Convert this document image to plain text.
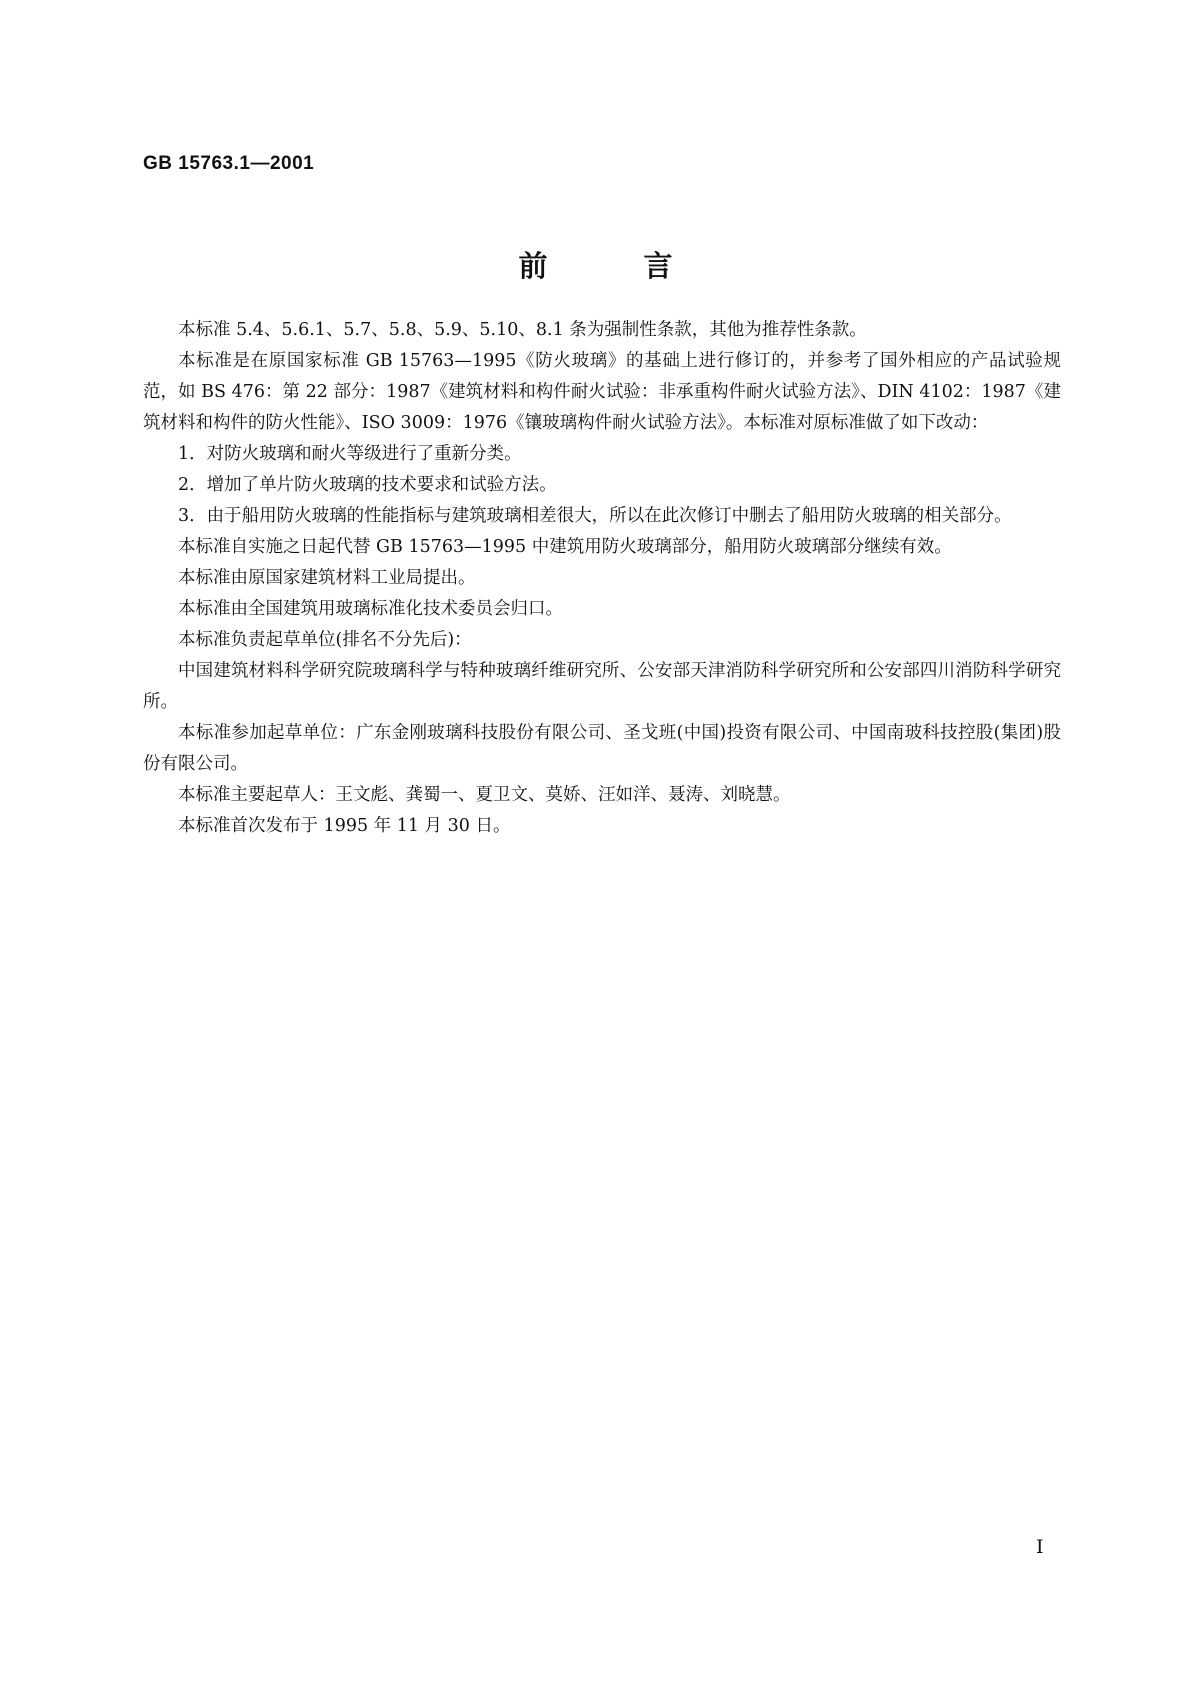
GB 15763.1—2001
前言

本标准 5.4、5.6.1、5.7、5.8、5.9、5.10、8.1 条为强制性条款，其他为推荐性条款。

本标准是在原国家标准 GB 15763—1995《防火玻璃》的基础上进行修订的，并参考了国外相应的产品试验规范，如 BS 476：第 22 部分：1987《建筑材料和构件耐火试验：非承重构件耐火试验方法》、DIN 4102：1987《建筑材料和构件的防火性能》、ISO 3009：1976《镶玻璃构件耐火试验方法》。本标准对原标准做了如下改动：

1．对防火玻璃和耐火等级进行了重新分类。

2．增加了单片防火玻璃的技术要求和试验方法。

3．由于船用防火玻璃的性能指标与建筑玻璃相差很大，所以在此次修订中删去了船用防火玻璃的相关部分。

本标准自实施之日起代替 GB 15763—1995 中建筑用防火玻璃部分，船用防火玻璃部分继续有效。

本标准由原国家建筑材料工业局提出。

本标准由全国建筑用玻璃标准化技术委员会归口。

本标准负责起草单位(排名不分先后)：

中国建筑材料科学研究院玻璃科学与特种玻璃纤维研究所、公安部天津消防科学研究所和公安部四川消防科学研究所。

本标准参加起草单位：广东金刚玻璃科技股份有限公司、圣戈班(中国)投资有限公司、中国南玻科技控股(集团)股份有限公司。

本标准主要起草人：王文彪、龚蜀一、夏卫文、莫娇、汪如洋、聂涛、刘晓慧。

本标准首次发布于 1995 年 11 月 30 日。

I
